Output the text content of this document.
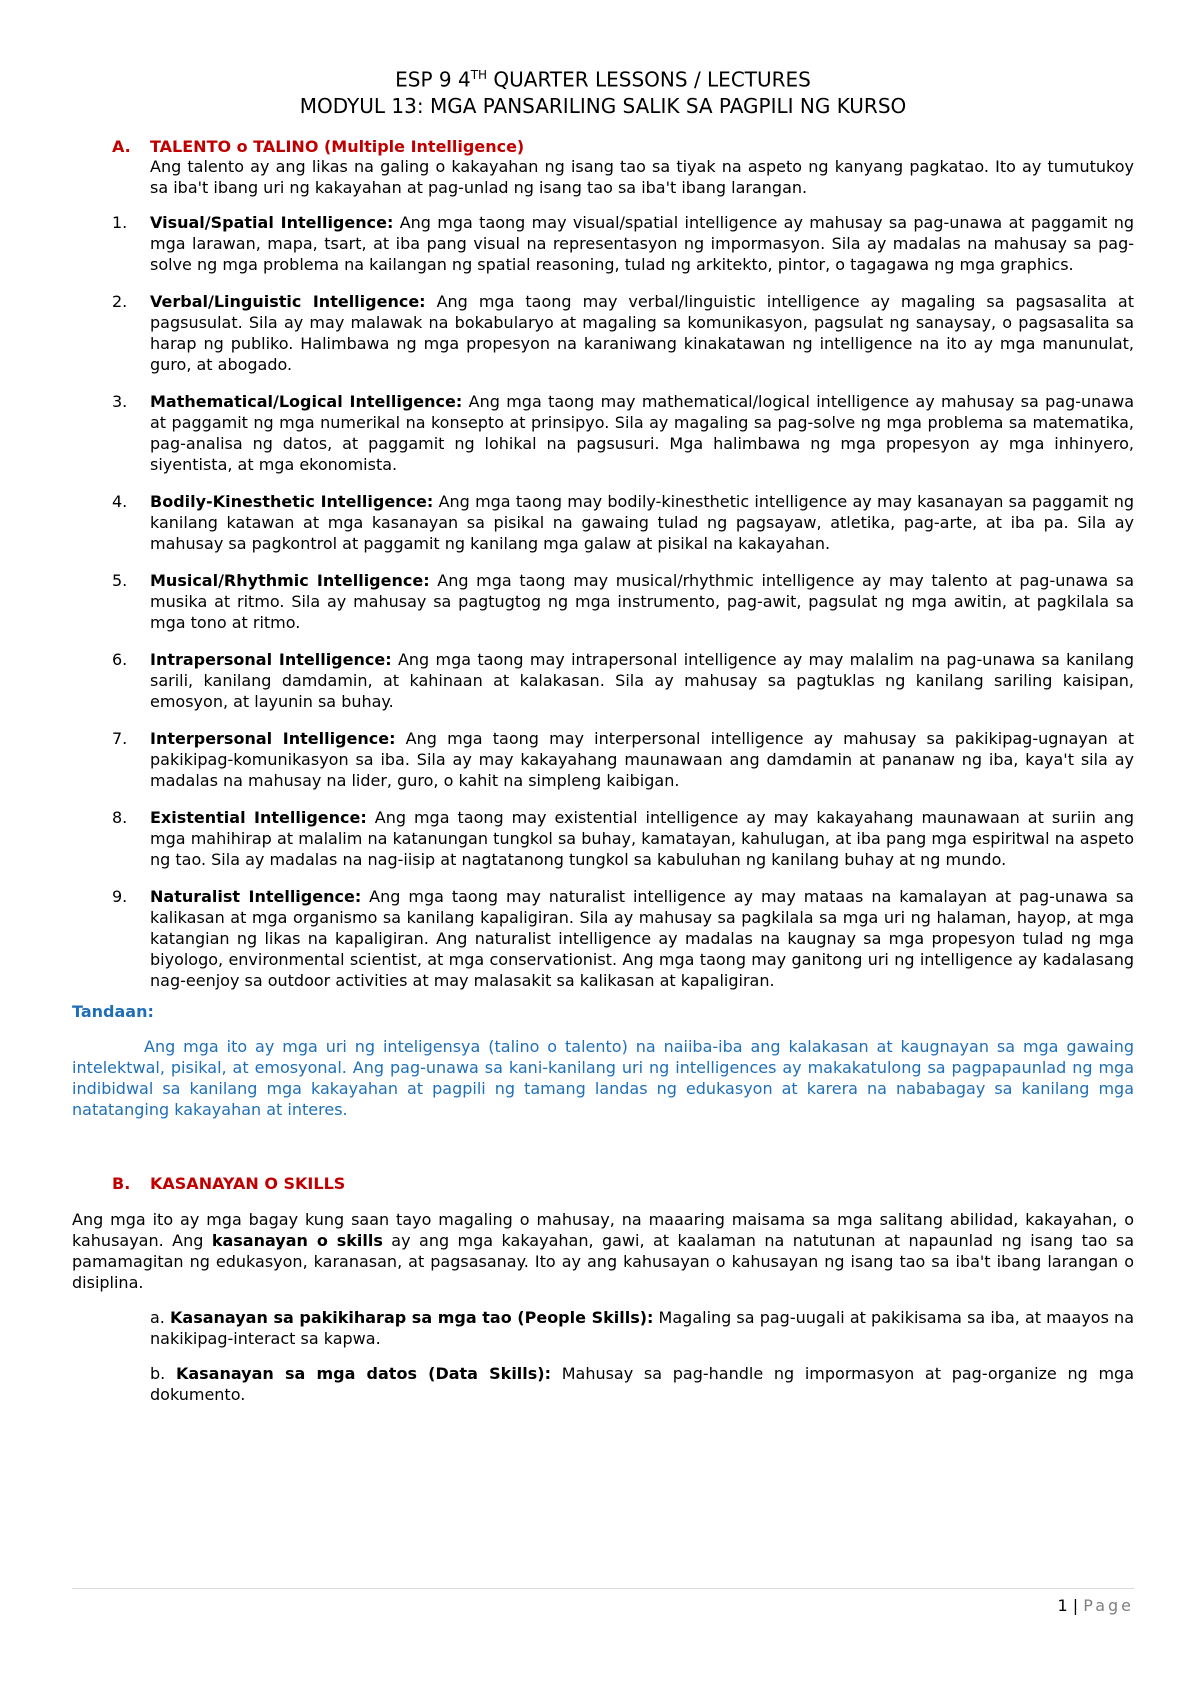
ESP 9 4TH QUARTER LESSONS / LECTURES

MODYUL 13: MGA PANSARILING SALIK SA PAGPILI NG KURSO

A.	TALENTO o TALINO (Multiple Intelligence)

Ang talento ay ang likas na galing o kakayahan ng isang tao sa tiyak na aspeto ng kanyang pagkatao. Ito ay tumutukoy sa iba't ibang uri ng kakayahan at pag-unlad ng isang tao sa iba't ibang larangan.

1.	Visual/Spatial Intelligence: Ang mga taong may visual/spatial intelligence ay mahusay sa pag-unawa at paggamit ng mga larawan, mapa, tsart, at iba pang visual na representasyon ng impormasyon. Sila ay madalas na mahusay sa pag-solve ng mga problema na kailangan ng spatial reasoning, tulad ng arkitekto, pintor, o tagagawa ng mga graphics.
2.	Verbal/Linguistic Intelligence: Ang mga taong may verbal/linguistic intelligence ay magaling sa pagsasalita at pagsusulat. Sila ay may malawak na bokabularyo at magaling sa komunikasyon, pagsulat ng sanaysay, o pagsasalita sa harap ng publiko. Halimbawa ng mga propesyon na karaniwang kinakatawan ng intelligence na ito ay mga manunulat, guro, at abogado.
3.	Mathematical/Logical Intelligence: Ang mga taong may mathematical/logical intelligence ay mahusay sa pag-unawa at paggamit ng mga numerikal na konsepto at prinsipyo. Sila ay magaling sa pag-solve ng mga problema sa matematika, pag-analisa ng datos, at paggamit ng lohikal na pagsusuri. Mga halimbawa ng mga propesyon ay mga inhinyero, siyentista, at mga ekonomista.
4.	Bodily-Kinesthetic Intelligence: Ang mga taong may bodily-kinesthetic intelligence ay may kasanayan sa paggamit ng kanilang katawan at mga kasanayan sa pisikal na gawaing tulad ng pagsayaw, atletika, pag-arte, at iba pa. Sila ay mahusay sa pagkontrol at paggamit ng kanilang mga galaw at pisikal na kakayahan.
5.	Musical/Rhythmic Intelligence: Ang mga taong may musical/rhythmic intelligence ay may talento at pag-unawa sa musika at ritmo. Sila ay mahusay sa pagtugtog ng mga instrumento, pag-awit, pagsulat ng mga awitin, at pagkilala sa mga tono at ritmo.
6.	Intrapersonal Intelligence: Ang mga taong may intrapersonal intelligence ay may malalim na pag-unawa sa kanilang sarili, kanilang damdamin, at kahinaan at kalakasan. Sila ay mahusay sa pagtuklas ng kanilang sariling kaisipan, emosyon, at layunin sa buhay.
7.	Interpersonal Intelligence: Ang mga taong may interpersonal intelligence ay mahusay sa pakikipag-ugnayan at pakikipag-komunikasyon sa iba. Sila ay may kakayahang maunawaan ang damdamin at pananaw ng iba, kaya't sila ay madalas na mahusay na lider, guro, o kahit na simpleng kaibigan.
8.	Existential Intelligence: Ang mga taong may existential intelligence ay may kakayahang maunawaan at suriin ang mga mahihirap at malalim na katanungan tungkol sa buhay, kamatayan, kahulugan, at iba pang mga espiritwal na aspeto ng tao. Sila ay madalas na nag-iisip at nagtatanong tungkol sa kabuluhan ng kanilang buhay at ng mundo.
9.	Naturalist Intelligence: Ang mga taong may naturalist intelligence ay may mataas na kamalayan at pag-unawa sa kalikasan at mga organismo sa kanilang kapaligiran. Sila ay mahusay sa pagkilala sa mga uri ng halaman, hayop, at mga katangian ng likas na kapaligiran. Ang naturalist intelligence ay madalas na kaugnay sa mga propesyon tulad ng mga biyologo, environmental scientist, at mga conservationist. Ang mga taong may ganitong uri ng intelligence ay kadalasang nag-eenjoy sa outdoor activities at may malasakit sa kalikasan at kapaligiran.

Tandaan:

Ang mga ito ay mga uri ng inteligensya (talino o talento) na naiiba-iba ang kalakasan at kaugnayan sa mga gawaing intelektwal, pisikal, at emosyonal. Ang pag-unawa sa kani-kanilang uri ng intelligences ay makakatulong sa pagpapaunlad ng mga indibidwal sa kanilang mga kakayahan at pagpili ng tamang landas ng edukasyon at karera na nababagay sa kanilang mga natatanging kakayahan at interes.

B.	KASANAYAN O SKILLS

Ang mga ito ay mga bagay kung saan tayo magaling o mahusay, na maaaring maisama sa mga salitang abilidad, kakayahan, o kahusayan. Ang kasanayan o skills ay ang mga kakayahan, gawi, at kaalaman na natutunan at napaunlad ng isang tao sa pamamagitan ng edukasyon, karanasan, at pagsasanay. Ito ay ang kahusayan o kahusayan ng isang tao sa iba't ibang larangan o disiplina.

a. Kasanayan sa pakikiharap sa mga tao (People Skills): Magaling sa pag-uugali at pakikisama sa iba, at maayos na nakikipag-interact sa kapwa.

b. Kasanayan sa mga datos (Data Skills): Mahusay sa pag-handle ng impormasyon at pag-organize ng mga dokumento.

1 | Page
